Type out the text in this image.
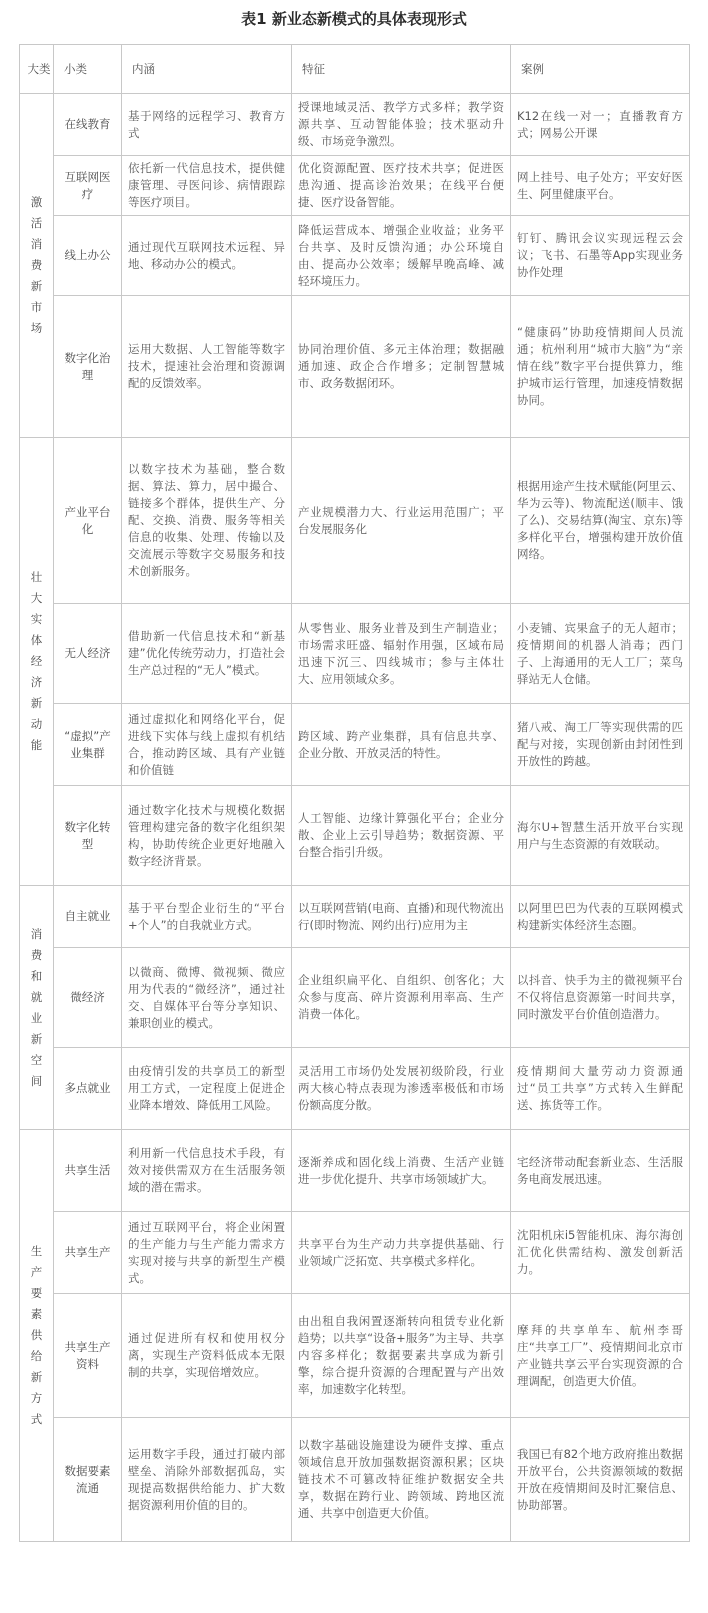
表1 新业态新模式的具体表现形式
大类	小类	内涵	特征	案例
激活消费新市场	在线教育	基于网络的远程学习、教育方式	授课地域灵活、教学方式多样；教学资源共享、互动智能体验；技术驱动升级、市场竞争激烈。	K12在线一对一；直播教育方式；网易公开课
	互联网医疗	依托新一代信息技术，提供健康管理、寻医问诊、病情跟踪等医疗项目。	优化资源配置、医疗技术共享；促进医患沟通、提高诊治效果；在线平台便捷、医疗设备智能。	网上挂号、电子处方；平安好医生、阿里健康平台。
	线上办公	通过现代互联网技术远程、异地、移动办公的模式。	降低运营成本、增强企业收益；业务平台共享、及时反馈沟通；办公环境自由、提高办公效率；缓解早晚高峰、减轻环境压力。	钉钉、腾讯会议实现远程云会议；飞书、石墨等App实现业务协作处理
	数字化治理	运用大数据、人工智能等数字技术，提速社会治理和资源调配的反馈效率。	协同治理价值、多元主体治理；数据融通加速、政企合作增多；定制智慧城市、政务数据闭环。	“健康码”协助疫情期间人员流通；杭州利用“城市大脑”为“亲情在线”数字平台提供算力，维护城市运行管理，加速疫情数据协同。
壮大实体经济新动能	产业平台化	以数字技术为基础，整合数据、算法、算力，居中撮合、链接多个群体，提供生产、分配、交换、消费、服务等相关信息的收集、处理、传输以及交流展示等数字交易服务和技术创新服务。	产业规模潜力大、行业运用范围广；平台发展服务化	根据用途产生技术赋能(阿里云、华为云等)、物流配送(顺丰、饿了么)、交易结算(淘宝、京东)等多样化平台，增强构建开放价值网络。
	无人经济	借助新一代信息技术和“新基建”优化传统劳动力，打造社会生产总过程的“无人”模式。	从零售业、服务业普及到生产制造业；市场需求旺盛、辐射作用强，区域布局迅速下沉三、四线城市；参与主体壮大、应用领域众多。	小麦铺、宾果盒子的无人超市；疫情期间的机器人消毒；西门子、上海通用的无人工厂；菜鸟驿站无人仓储。
	“虚拟”产业集群	通过虚拟化和网络化平台，促进线下实体与线上虚拟有机结合，推动跨区域、具有产业链和价值链	跨区域、跨产业集群，具有信息共享、企业分散、开放灵活的特性。	猪八戒、淘工厂等实现供需的匹配与对接，实现创新由封闭性到开放性的跨越。
	数字化转型	通过数字化技术与规模化数据管理构建完备的数字化组织架构，协助传统企业更好地融入数字经济背景。	人工智能、边缘计算强化平台；企业分散、企业上云引导趋势；数据资源、平台整合指引升级。	海尔U+智慧生活开放平台实现用户与生态资源的有效联动。
消费和就业新空间	自主就业	基于平台型企业衍生的“平台+个人”的自我就业方式。	以互联网营销(电商、直播)和现代物流出行(即时物流、网约出行)应用为主	以阿里巴巴为代表的互联网模式构建新实体经济生态圈。
	微经济	以微商、微博、微视频、微应用为代表的“微经济”，通过社交、自媒体平台等分享知识、兼职创业的模式。	企业组织扁平化、自组织、创客化；大众参与度高、碎片资源利用率高、生产消费一体化。	以抖音、快手为主的微视频平台不仅将信息资源第一时间共享，同时激发平台价值创造潜力。
	多点就业	由疫情引发的共享员工的新型用工方式，一定程度上促进企业降本增效、降低用工风险。	灵活用工市场仍处发展初级阶段，行业两大核心特点表现为渗透率极低和市场份额高度分散。	疫情期间大量劳动力资源通过“员工共享”方式转入生鲜配送、拣货等工作。
生产要素供给新方式	共享生活	利用新一代信息技术手段，有效对接供需双方在生活服务领域的潜在需求。	逐渐养成和固化线上消费、生活产业链进一步优化提升、共享市场领域扩大。	宅经济带动配套新业态、生活服务电商发展迅速。
	共享生产	通过互联网平台，将企业闲置的生产能力与生产能力需求方实现对接与共享的新型生产模式。	共享平台为生产动力共享提供基础、行业领域广泛拓宽、共享模式多样化。	沈阳机床i5智能机床、海尔海创汇优化供需结构、激发创新活力。
	共享生产资料	通过促进所有权和使用权分离，实现生产资料低成本无限制的共享，实现倍增效应。	由出租自我闲置逐渐转向租赁专业化新趋势；以共享“设备+服务”为主导、共享内容多样化；数据要素共享成为新引擎，综合提升资源的合理配置与产出效率，加速数字化转型。	摩拜的共享单车、航州李哥庄“共享工厂”、疫情期间北京市产业链共享云平台实现资源的合理调配，创造更大价值。
	数据要素流通	运用数字手段，通过打破内部壁垒、消除外部数据孤岛，实现提高数据供给能力、扩大数据资源利用价值的目的。	以数字基础设施建设为硬件支撑、重点领域信息开放加强数据资源积累；区块链技术不可篡改特征维护数据安全共享，数据在跨行业、跨领域、跨地区流通、共享中创造更大价值。	我国已有82个地方政府推出数据开放平台，公共资源领域的数据开放在疫情期间及时汇聚信息、协助部署。
